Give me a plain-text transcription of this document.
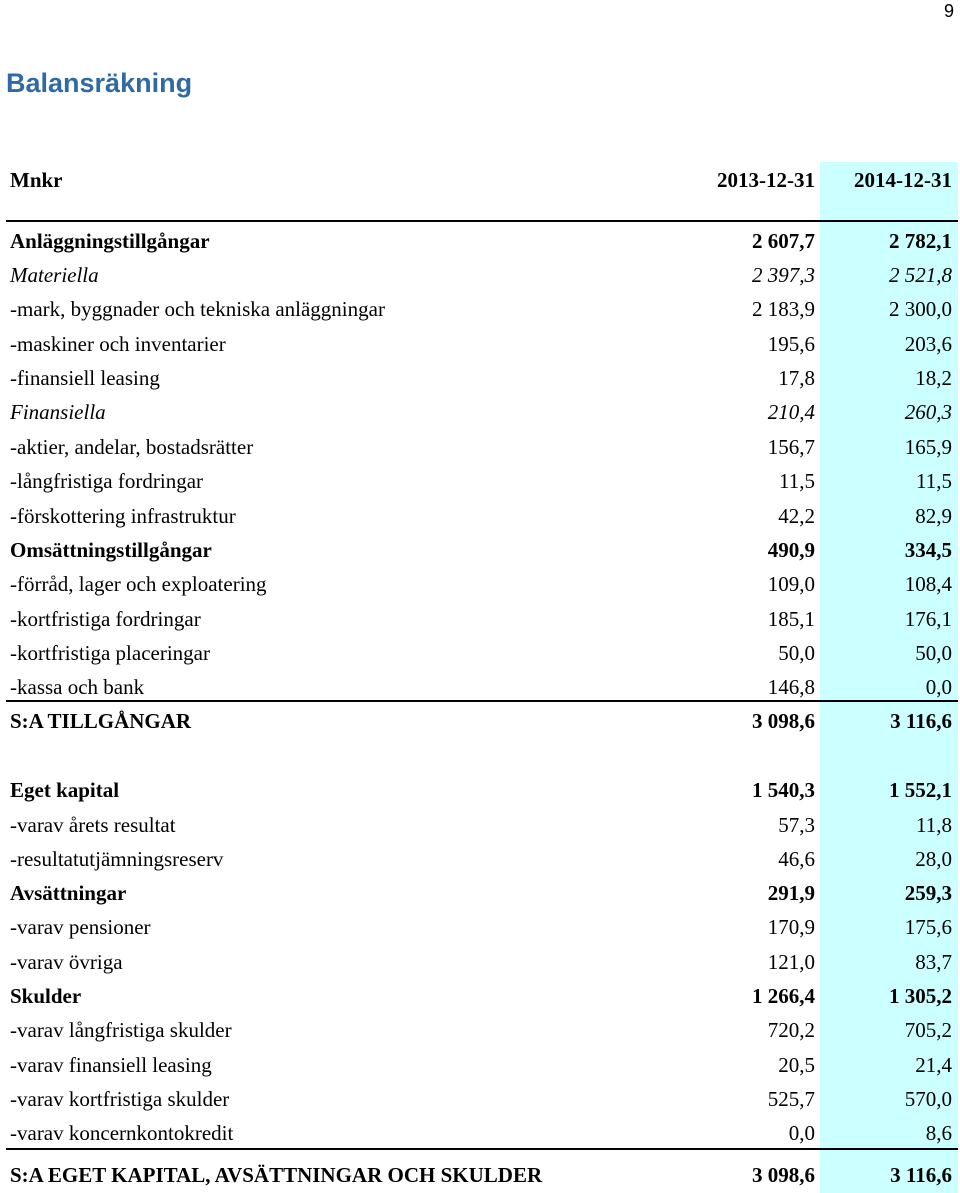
9
Balansräkning
Mnkr	2013-12-31 2014-12-31
Anläggningstillgångar	2 607,7	2 782,1
Materiella	2 397,3	2 521,8
-mark, byggnader och tekniska anläggningar	2 183,9	2 300,0
-maskiner och inventarier	195,6	203,6
-finansiell leasing	17,8	18,2
Finansiella	210,4	260,3
-aktier, andelar, bostadsrätter	156,7	165,9
-långfristiga fordringar	11,5	11,5
-förskottering infrastruktur	42,2	82,9
Omsättningstillgångar	490,9	334,5
-förråd, lager och exploatering	109,0	108,4
-kortfristiga fordringar	185,1	176,1
-kortfristiga placeringar	50,0	50,0
-kassa och bank	146,8	0,0
S:A TILLGÅNGAR	3 098,6	3 116,6
Eget kapital	1 540,3	1 552,1
-varav årets resultat	57,3	11,8
-resultatutjämningsreserv	46,6	28,0
Avsättningar	291,9	259,3
-varav pensioner	170,9	175,6
-varav övriga	121,0	83,7
Skulder	1 266,4	1 305,2
-varav långfristiga skulder	720,2	705,2
-varav finansiell leasing	20,5	21,4
-varav kortfristiga skulder	525,7	570,0
-varav koncernkontokredit	0,0	8,6
S:A EGET KAPITAL, AVSÄTTNINGAR OCH SKULDER	3 098,6	3 116,6
